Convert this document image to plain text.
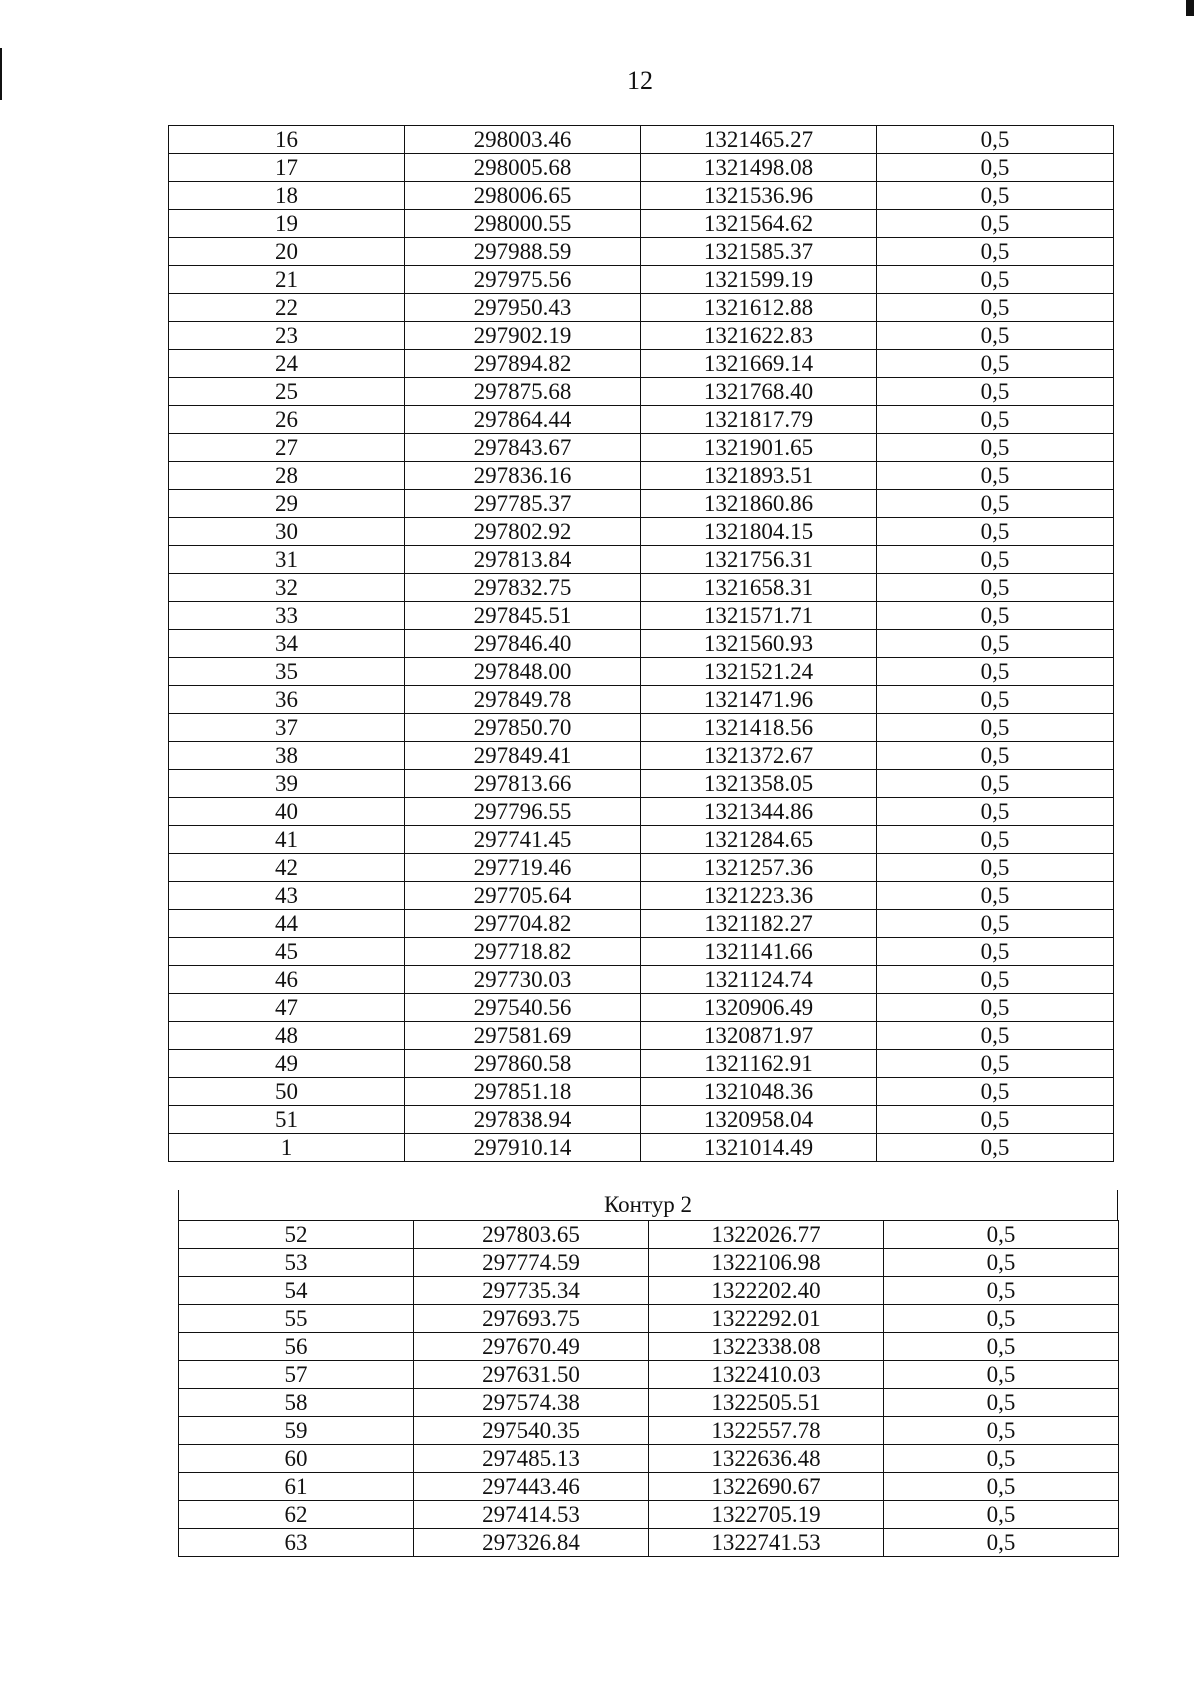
12
16	298003.46	1321465.27	0,5
17	298005.68	1321498.08	0,5
18	298006.65	1321536.96	0,5
19	298000.55	1321564.62	0,5
20	297988.59	1321585.37	0,5
21	297975.56	1321599.19	0,5
22	297950.43	1321612.88	0,5
23	297902.19	1321622.83	0,5
24	297894.82	1321669.14	0,5
25	297875.68	1321768.40	0,5
26	297864.44	1321817.79	0,5
27	297843.67	1321901.65	0,5
28	297836.16	1321893.51	0,5
29	297785.37	1321860.86	0,5
30	297802.92	1321804.15	0,5
31	297813.84	1321756.31	0,5
32	297832.75	1321658.31	0,5
33	297845.51	1321571.71	0,5
34	297846.40	1321560.93	0,5
35	297848.00	1321521.24	0,5
36	297849.78	1321471.96	0,5
37	297850.70	1321418.56	0,5
38	297849.41	1321372.67	0,5
39	297813.66	1321358.05	0,5
40	297796.55	1321344.86	0,5
41	297741.45	1321284.65	0,5
42	297719.46	1321257.36	0,5
43	297705.64	1321223.36	0,5
44	297704.82	1321182.27	0,5
45	297718.82	1321141.66	0,5
46	297730.03	1321124.74	0,5
47	297540.56	1320906.49	0,5
48	297581.69	1320871.97	0,5
49	297860.58	1321162.91	0,5
50	297851.18	1321048.36	0,5
51	297838.94	1320958.04	0,5
1	297910.14	1321014.49	0,5
Контур 2
52	297803.65	1322026.77	0,5
53	297774.59	1322106.98	0,5
54	297735.34	1322202.40	0,5
55	297693.75	1322292.01	0,5
56	297670.49	1322338.08	0,5
57	297631.50	1322410.03	0,5
58	297574.38	1322505.51	0,5
59	297540.35	1322557.78	0,5
60	297485.13	1322636.48	0,5
61	297443.46	1322690.67	0,5
62	297414.53	1322705.19	0,5
63	297326.84	1322741.53	0,5
